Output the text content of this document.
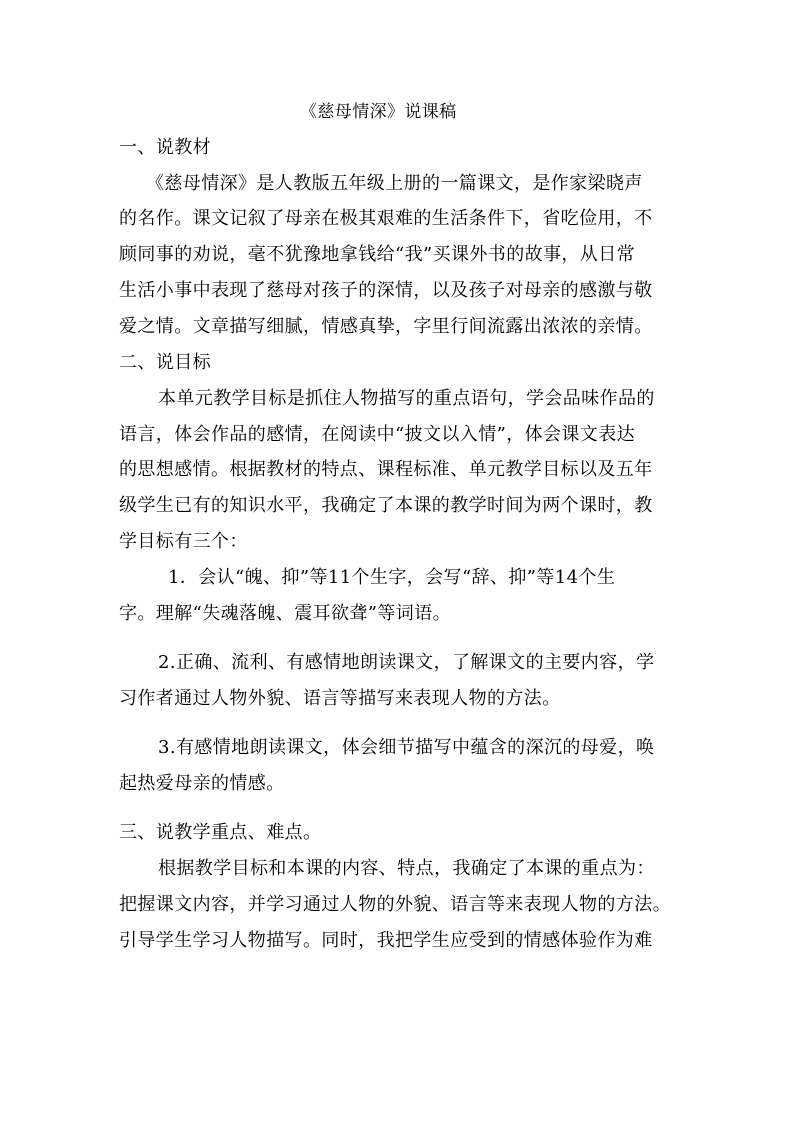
《慈母情深》说课稿

一、说教材

《慈母情深》是人教版五年级上册的一篇课文，是作家梁晓声

的名作。课文记叙了母亲在极其艰难的生活条件下，省吃俭用，不

顾同事的劝说，毫不犹豫地拿钱给“我”买课外书的故事，从日常

生活小事中表现了慈母对孩子的深情，以及孩子对母亲的感激与敬

爱之情。文章描写细腻，情感真挚，字里行间流露出浓浓的亲情。

二、说目标

本单元教学目标是抓住人物描写的重点语句，学会品味作品的

语言，体会作品的感情，在阅读中“披文以入情”，体会课文表达

的思想感情。根据教材的特点、课程标准、单元教学目标以及五年

级学生已有的知识水平，我确定了本课的教学时间为两个课时，教

学目标有三个：

1．会认“魄、抑”等11个生字，会写“辞、抑”等14个生

字。理解“失魂落魄、震耳欲聋”等词语。

2.正确、流利、有感情地朗读课文，了解课文的主要内容，学

习作者通过人物外貌、语言等描写来表现人物的方法。

3.有感情地朗读课文，体会细节描写中蕴含的深沉的母爱，唤

起热爱母亲的情感。

三、说教学重点、难点。

根据教学目标和本课的内容、特点，我确定了本课的重点为：

把握课文内容，并学习通过人物的外貌、语言等来表现人物的方法。

引导学生学习人物描写。同时，我把学生应受到的情感体验作为难
